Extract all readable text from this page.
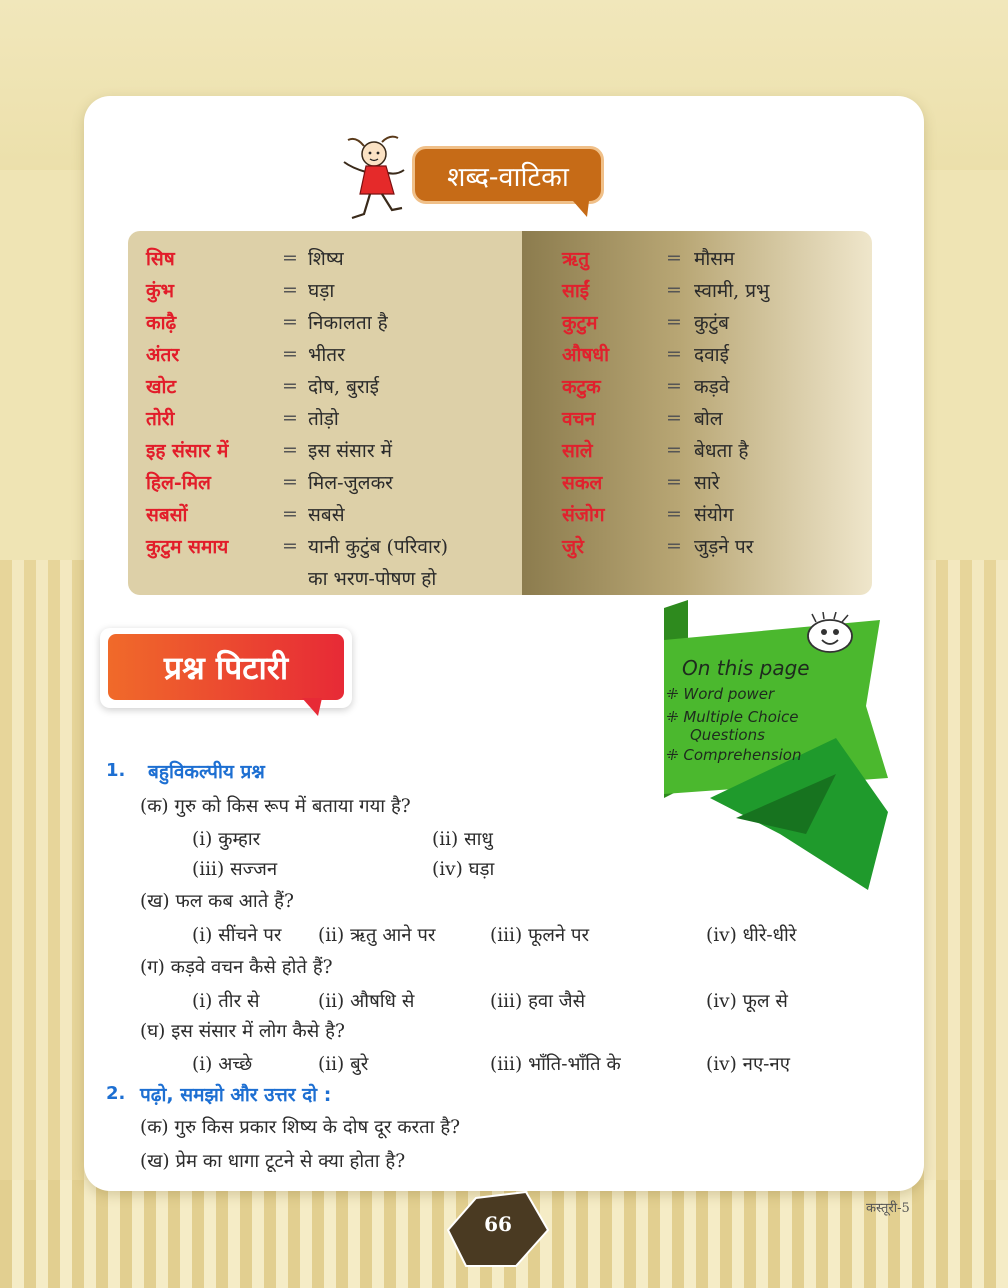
शब्द-वाटिका
सिष	= शिष्य
कुंभ	= घड़ा
काढ़ै	= निकालता है
अंतर	= भीतर
खोट	= दोष, बुराई
तोरी	= तोड़ो
इह संसार में	= इस संसार में
हिल-मिल	= मिल-जुलकर
सबसों	= सबसे
कुटुम समाय	= यानी कुटुंब (परिवार)
का भरण-पोषण हो
ऋतु	= मौसम
साईं	= स्वामी, प्रभु
कुटुम	= कुटुंब
औषधी	= दवाई
कटुक	= कड़वे
वचन	= बोल
साले	= बेधता है
सकल	= सारे
संजोग	= संयोग
जुरे	= जुड़ने पर
प्रश्न पिटारी	On this page
⁜ Word power
⁜ Multiple Choice
Questions
⁜ Comprehension
1. बहुविकल्पीय प्रश्न
(क) गुरु को किस रूप में बताया गया है?
(i) कुम्हार	(ii) साधु
(iii) सज्जन	(iv) घड़ा
(ख) फल कब आते हैं?
(i) सींचने पर (ii) ऋतु आने पर	(iii) फूलने पर	(iv) धीरे-धीरे
(ग) कड़वे वचन कैसे होते हैं?
(i) तीर से	(ii) औषधि से	(iii) हवा जैसे	(iv) फूल से
(घ) इस संसार में लोग कैसे है?
(i) अच्छे	(ii) बुरे	(iii) भाँति-भाँति के	(iv) नए-नए
2. पढ़ो, समझो और उत्तर दो :
(क) गुरु किस प्रकार शिष्य के दोष दूर करता है?
(ख) प्रेम का धागा टूटने से क्या होता है?
66
कस्तूरी-5
